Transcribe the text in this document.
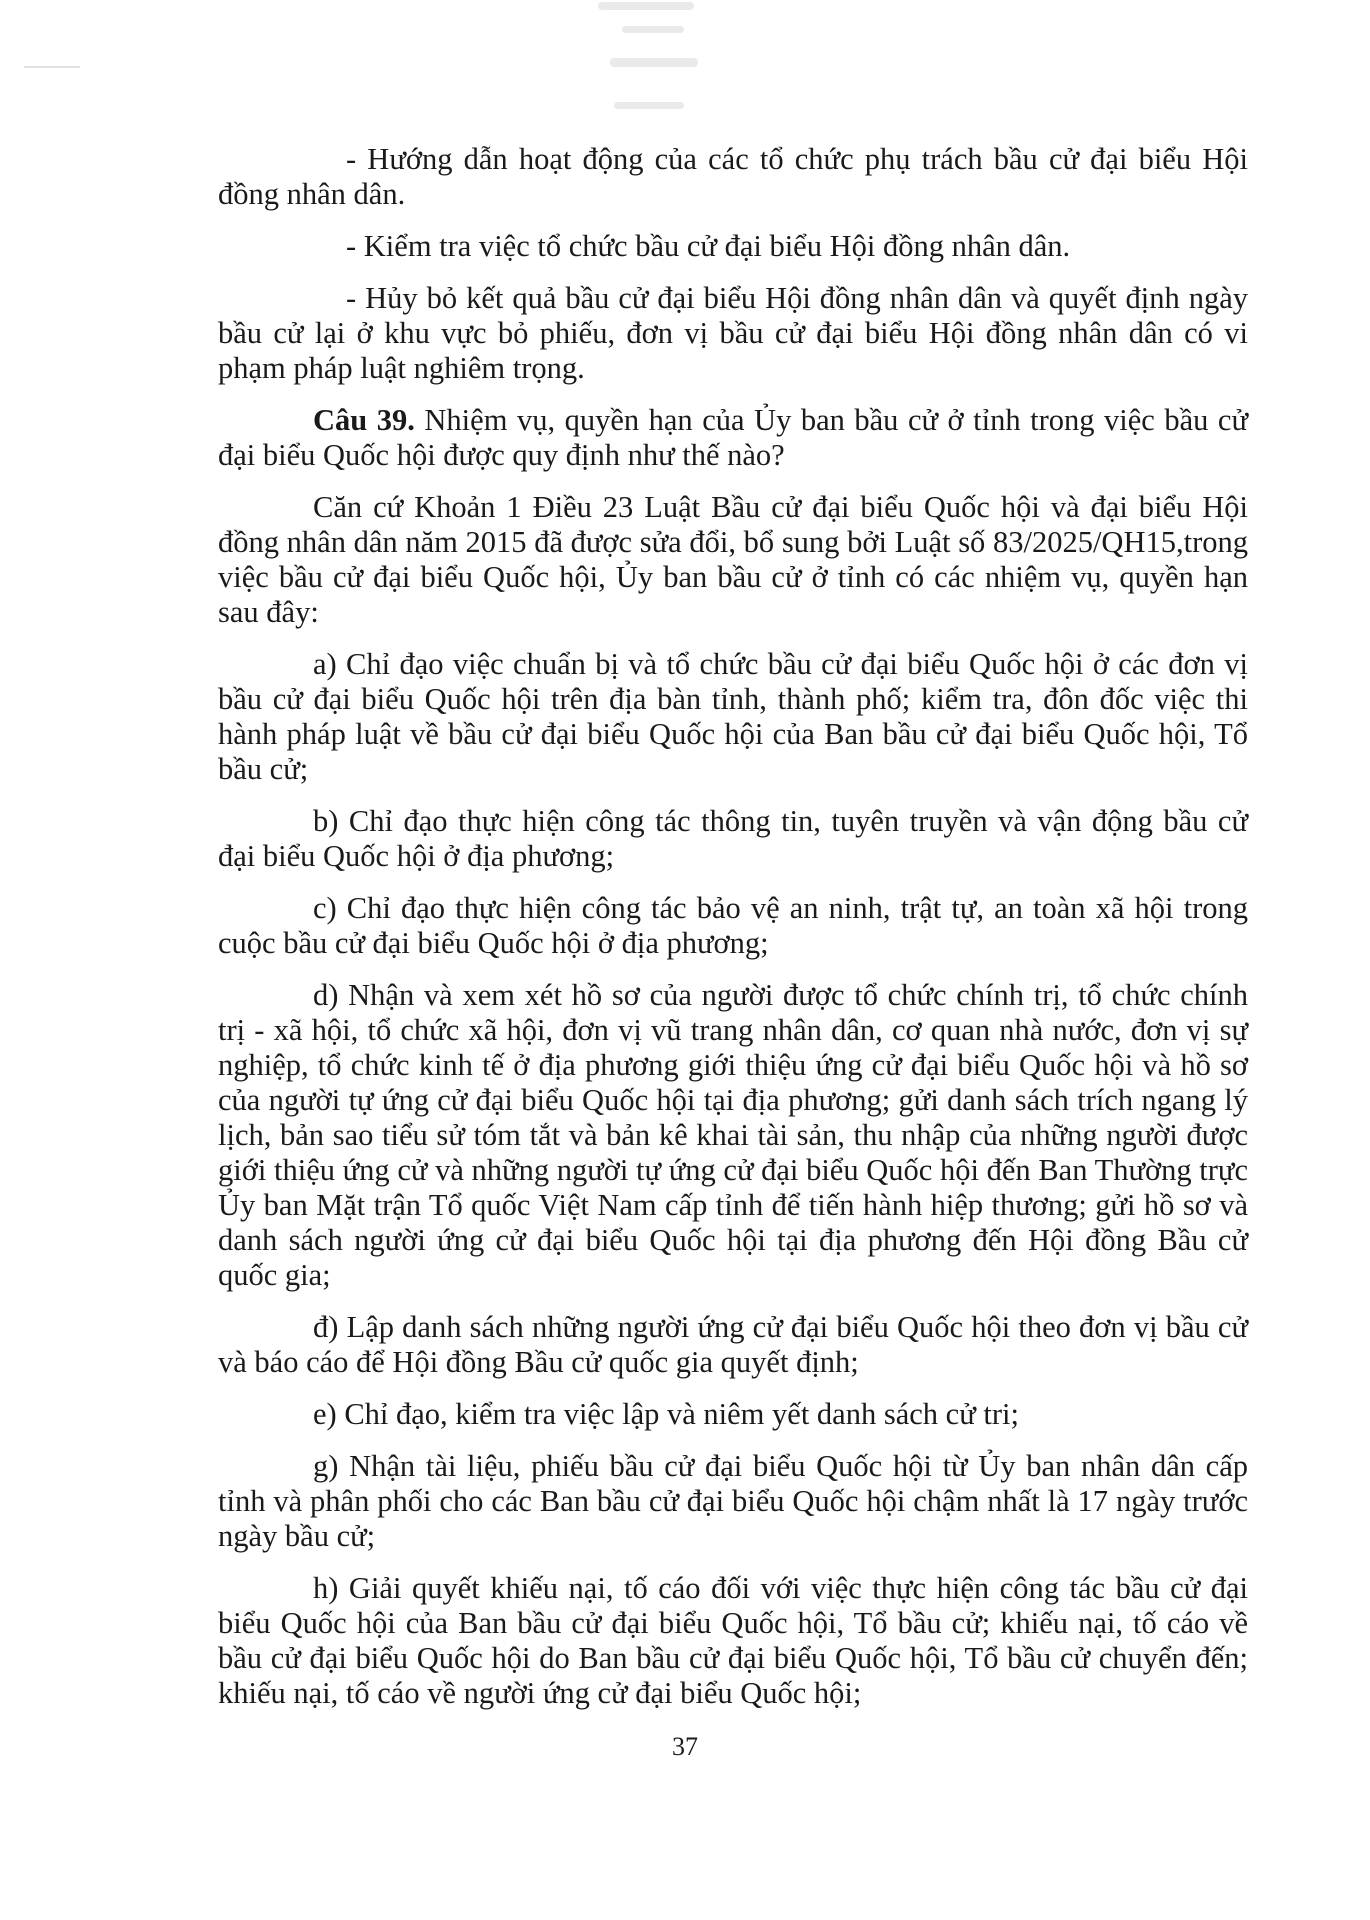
- Hướng dẫn hoạt động của các tổ chức phụ trách bầu cử đại biểu Hội đồng nhân dân.

- Kiểm tra việc tổ chức bầu cử đại biểu Hội đồng nhân dân.

- Hủy bỏ kết quả bầu cử đại biểu Hội đồng nhân dân và quyết định ngày bầu cử lại ở khu vực bỏ phiếu, đơn vị bầu cử đại biểu Hội đồng nhân dân có vi phạm pháp luật nghiêm trọng.

Câu 39. Nhiệm vụ, quyền hạn của Ủy ban bầu cử ở tỉnh trong việc bầu cử đại biểu Quốc hội được quy định như thế nào?

Căn cứ Khoản 1 Điều 23 Luật Bầu cử đại biểu Quốc hội và đại biểu Hội đồng nhân dân năm 2015 đã được sửa đổi, bổ sung bởi Luật số 83/2025/QH15,trong việc bầu cử đại biểu Quốc hội, Ủy ban bầu cử ở tỉnh có các nhiệm vụ, quyền hạn sau đây:

a) Chỉ đạo việc chuẩn bị và tổ chức bầu cử đại biểu Quốc hội ở các đơn vị bầu cử đại biểu Quốc hội trên địa bàn tỉnh, thành phố; kiểm tra, đôn đốc việc thi hành pháp luật về bầu cử đại biểu Quốc hội của Ban bầu cử đại biểu Quốc hội, Tổ bầu cử;

b) Chỉ đạo thực hiện công tác thông tin, tuyên truyền và vận động bầu cử đại biểu Quốc hội ở địa phương;

c) Chỉ đạo thực hiện công tác bảo vệ an ninh, trật tự, an toàn xã hội trong cuộc bầu cử đại biểu Quốc hội ở địa phương;

d) Nhận và xem xét hồ sơ của người được tổ chức chính trị, tổ chức chính trị - xã hội, tổ chức xã hội, đơn vị vũ trang nhân dân, cơ quan nhà nước, đơn vị sự nghiệp, tổ chức kinh tế ở địa phương giới thiệu ứng cử đại biểu Quốc hội và hồ sơ của người tự ứng cử đại biểu Quốc hội tại địa phương; gửi danh sách trích ngang lý lịch, bản sao tiểu sử tóm tắt và bản kê khai tài sản, thu nhập của những người được giới thiệu ứng cử và những người tự ứng cử đại biểu Quốc hội đến Ban Thường trực Ủy ban Mặt trận Tổ quốc Việt Nam cấp tỉnh để tiến hành hiệp thương; gửi hồ sơ và danh sách người ứng cử đại biểu Quốc hội tại địa phương đến Hội đồng Bầu cử quốc gia;

đ) Lập danh sách những người ứng cử đại biểu Quốc hội theo đơn vị bầu cử và báo cáo để Hội đồng Bầu cử quốc gia quyết định;

e) Chỉ đạo, kiểm tra việc lập và niêm yết danh sách cử tri;

g) Nhận tài liệu, phiếu bầu cử đại biểu Quốc hội từ Ủy ban nhân dân cấp tỉnh và phân phối cho các Ban bầu cử đại biểu Quốc hội chậm nhất là 17 ngày trước ngày bầu cử;

h) Giải quyết khiếu nại, tố cáo đối với việc thực hiện công tác bầu cử đại biểu Quốc hội của Ban bầu cử đại biểu Quốc hội, Tổ bầu cử; khiếu nại, tố cáo về bầu cử đại biểu Quốc hội do Ban bầu cử đại biểu Quốc hội, Tổ bầu cử chuyển đến; khiếu nại, tố cáo về người ứng cử đại biểu Quốc hội;

37
